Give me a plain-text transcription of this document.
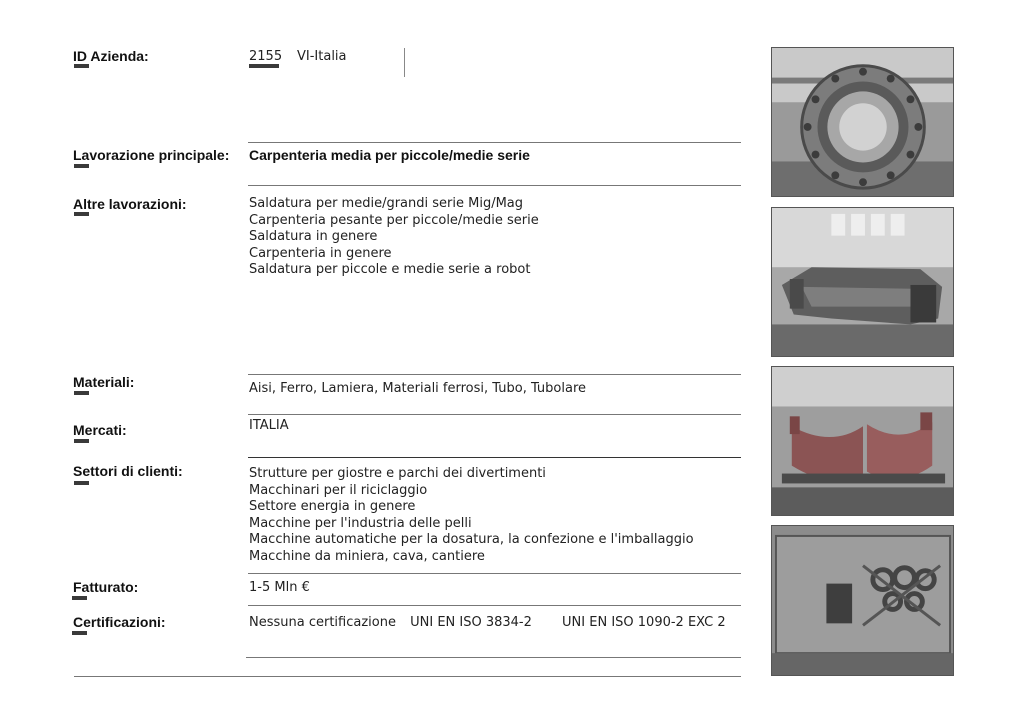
ID Azienda:	2155 VI-Italia
Lavorazione principale: Carpenteria media per piccole/medie serie
Altre lavorazioni:	Saldatura per medie/grandi serie Mig/Mag
Carpenteria pesante per piccole/medie serie
Saldatura in genere
Carpenteria in genere
Saldatura per piccole e medie serie a robot
Materiali:	Aisi, Ferro, Lamiera, Materiali ferrosi, Tubo, Tubolare
Mercati:	ITALIA
Settori di clienti:	Strutture per giostre e parchi dei divertimenti
Macchinari per il riciclaggio
Settore energia in genere
Macchine per l'industria delle pelli
Macchine automatiche per la dosatura, la confezione e l'imballaggio
Macchine da miniera, cava, cantiere
Fatturato:	1-5 Mln €
Certificazioni:	Nessuna certificazione UNI EN ISO 3834-2 UNI EN ISO 1090-2 EXC 2
